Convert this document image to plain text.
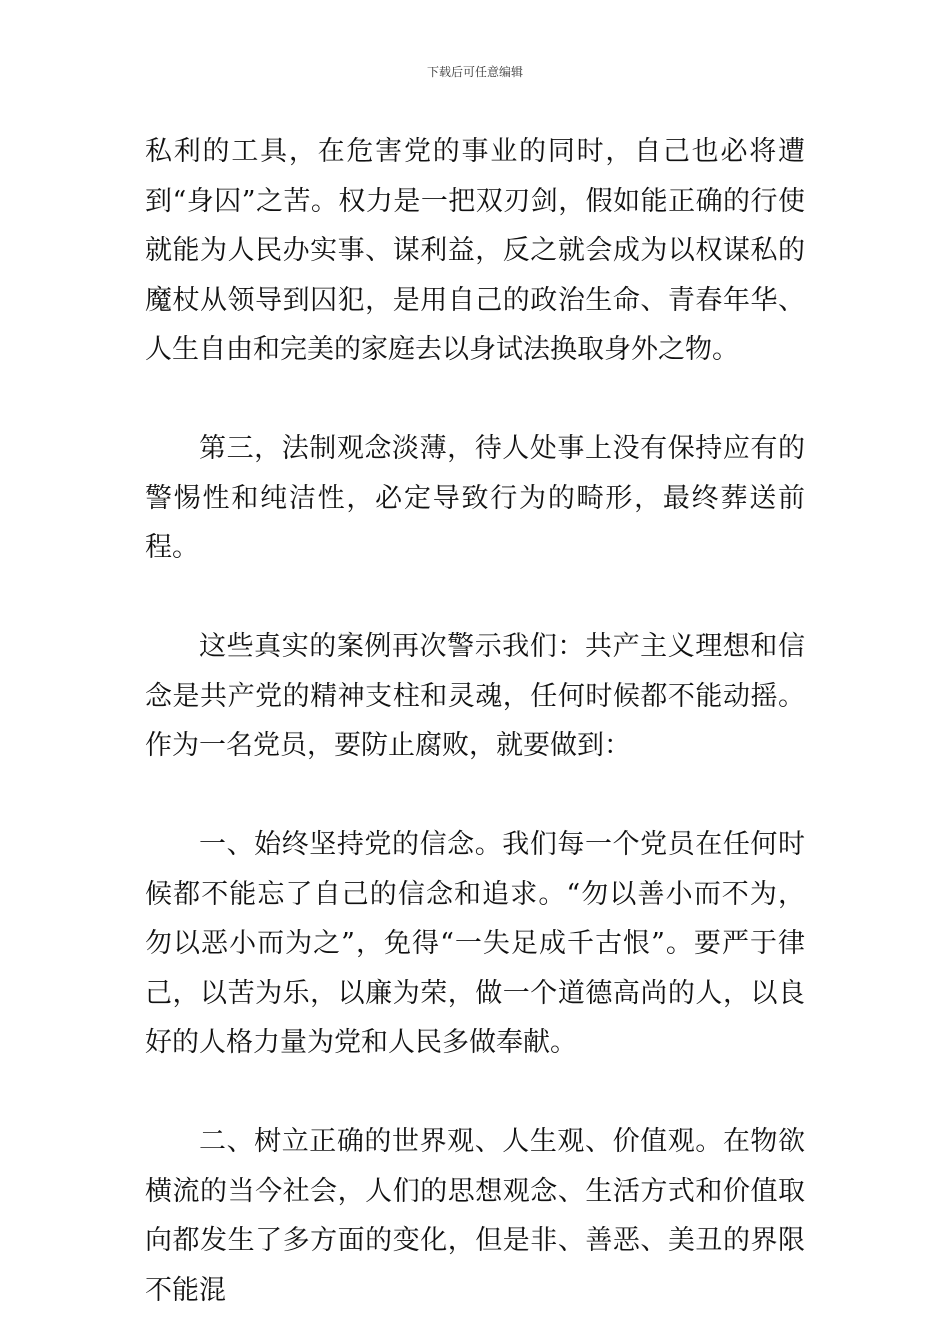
下载后可任意编辑

私利的工具，在危害党的事业的同时，自己也必将遭到“身囚”之苦。权力是一把双刃剑，假如能正确的行使就能为人民办实事、谋利益，反之就会成为以权谋私的魔杖从领导到囚犯，是用自己的政治生命、青春年华、人生自由和完美的家庭去以身试法换取身外之物。

第三，法制观念淡薄，待人处事上没有保持应有的警惕性和纯洁性，必定导致行为的畸形，最终葬送前程。

这些真实的案例再次警示我们：共产主义理想和信念是共产党的精神支柱和灵魂，任何时候都不能动摇。作为一名党员，要防止腐败，就要做到：

一、始终坚持党的信念。我们每一个党员在任何时候都不能忘了自己的信念和追求。“勿以善小而不为，勿以恶小而为之”，免得“一失足成千古恨”。要严于律己，以苦为乐，以廉为荣，做一个道德高尚的人，以良好的人格力量为党和人民多做奉献。

二、树立正确的世界观、人生观、价值观。在物欲横流的当今社会，人们的思想观念、生活方式和价值取向都发生了多方面的变化，但是非、善恶、美丑的界限不能混
